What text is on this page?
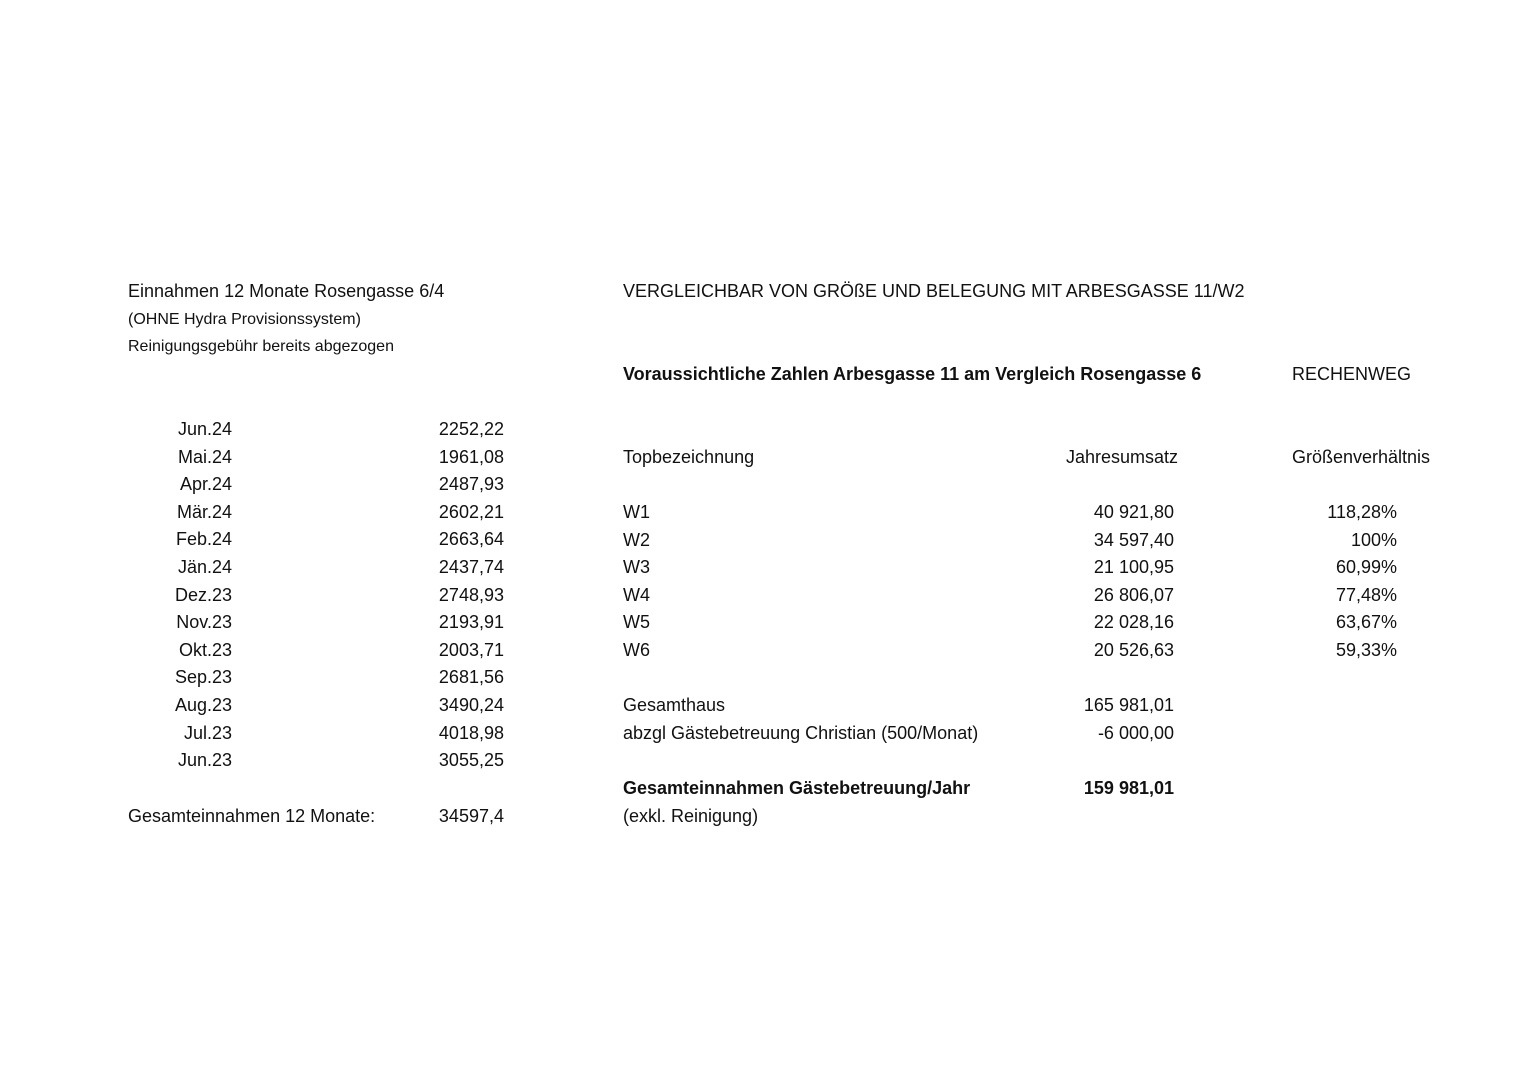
Einnahmen 12 Monate Rosengasse 6/4
(OHNE Hydra Provisionssystem)
Reinigungsgebühr bereits abgezogen
Jun.24	2252,22
Mai.24	1961,08
Apr.24	2487,93
Mär.24	2602,21
Feb.24	2663,64
Jän.24	2437,74
Dez.23	2748,93
Nov.23	2193,91
Okt.23	2003,71
Sep.23	2681,56
Aug.23	3490,24
Jul.23	4018,98
Jun.23	3055,25
Gesamteinnahmen 12 Monate:	34597,4
VERGLEICHBAR VON GRÖßE UND BELEGUNG MIT ARBESGASSE 11/W2
Voraussichtliche Zahlen Arbesgasse 11 am Vergleich Rosengasse 6	RECHENWEG
Topbezeichnung	Jahresumsatz	Größenverhältnis
W1	40 921,80	118,28%
W2	34 597,40	100%
W3	21 100,95	60,99%
W4	26 806,07	77,48%
W5	22 028,16	63,67%
W6	20 526,63	59,33%
Gesamthaus	165 981,01
abzgl Gästebetreuung Christian (500/Monat)	-6 000,00
Gesamteinnahmen Gästebetreuung/Jahr	159 981,01
(exkl. Reinigung)
